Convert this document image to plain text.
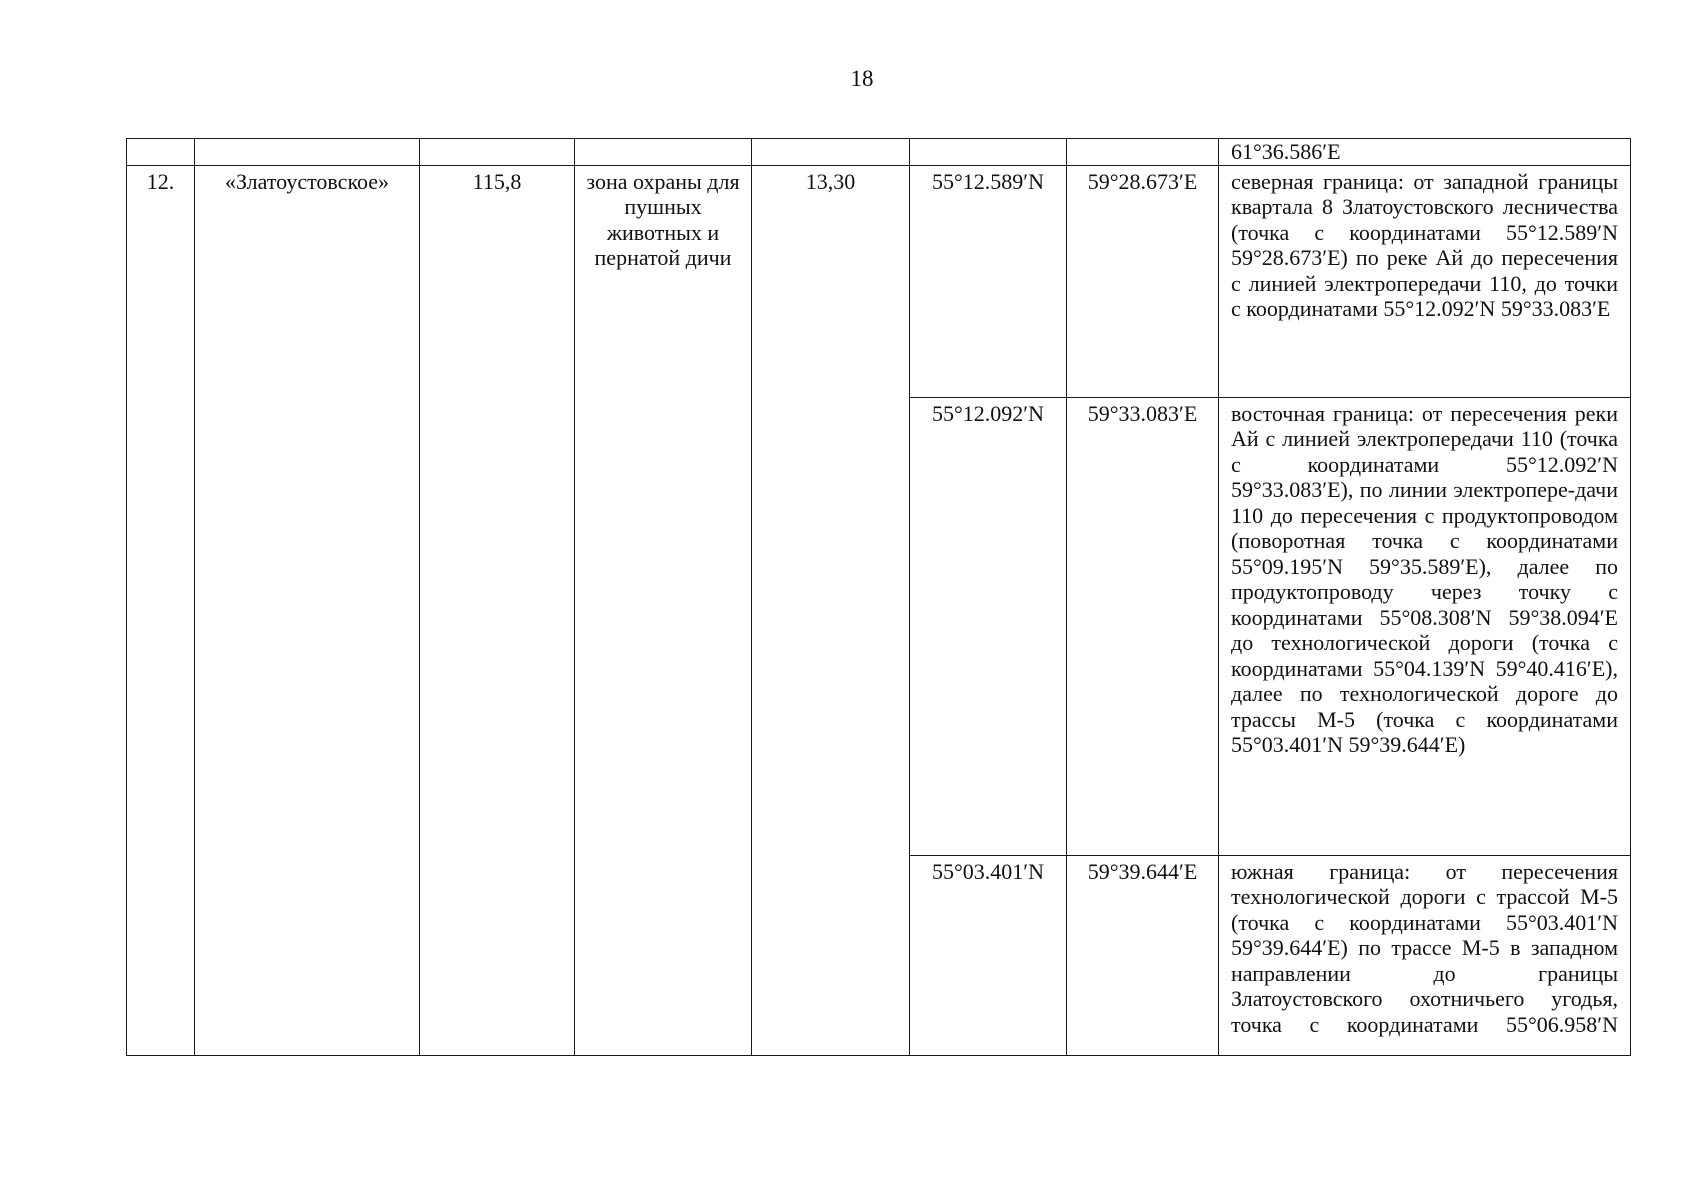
18
							61°36.586′E
12.	«Златоустовское»	115,8	зона охраны для пушных животных и пернатой дичи	13,30	55°12.589′N	59°28.673′E	северная граница: от западной границы квартала 8 Златоустовского лесничества (точка с координатами 55°12.589′N 59°28.673′E) по реке Ай до пересечения с линией электропередачи 110, до точки с координатами 55°12.092′N 59°33.083′E
					55°12.092′N	59°33.083′E	восточная граница: от пересечения реки Ай с линией электропередачи 110 (точка с координатами 55°12.092′N 59°33.083′E), по линии электропере-дачи 110 до пересечения с продуктопроводом (поворотная точка с координатами 55°09.195′N 59°35.589′E), далее по продуктопроводу через точку с координатами 55°08.308′N 59°38.094′E до технологической дороги (точка с координатами 55°04.139′N 59°40.416′E), далее по технологической дороге до трассы М-5 (точка с координатами 55°03.401′N 59°39.644′E)
					55°03.401′N	59°39.644′E	южная граница: от пересечения технологической дороги с трассой М-5 (точка с координатами 55°03.401′N 59°39.644′E) по трассе М-5 в западном направлении до границы Златоустовского охотничьего угодья, точка с координатами 55°06.958′N
